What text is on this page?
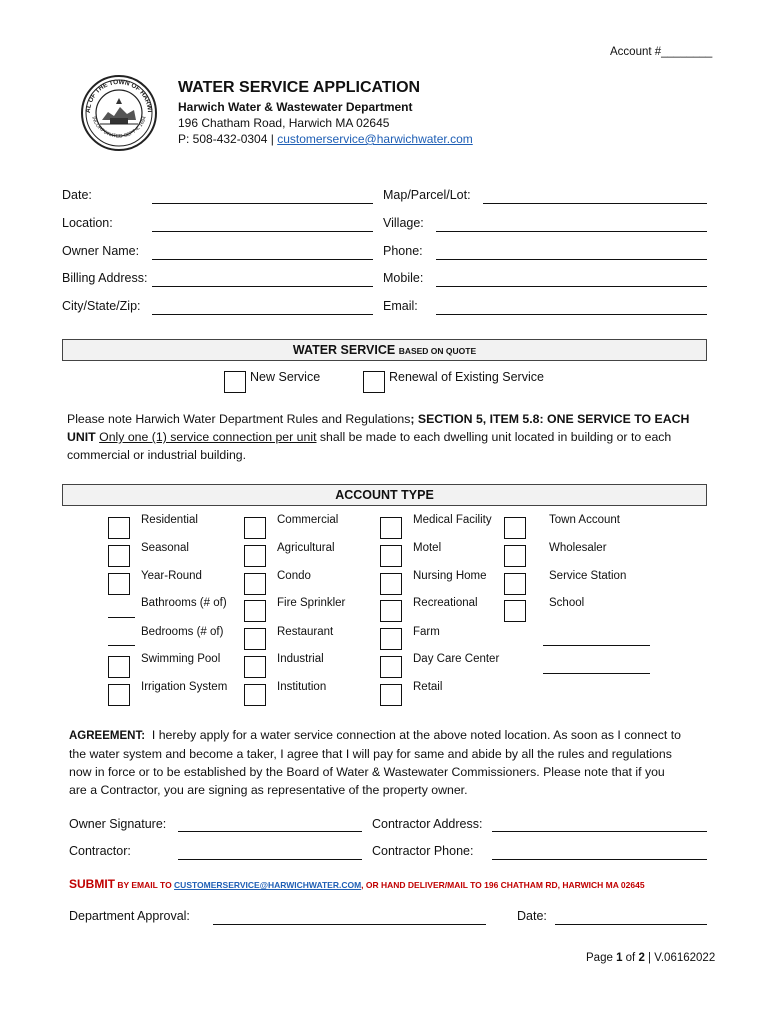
Account #________
AL OF THE TOWN OF HARWI
INCORPORATED SEPT 4, 1694
WATER SERVICE APPLICATION
Harwich Water & Wastewater Department
196 Chatham Road, Harwich MA 02645
P: 508-432-0304 | customerservice@harwichwater.com
Date:
Location:
Owner Name:
Billing Address:
City/State/Zip:
Map/Parcel/Lot:
Village:
Phone:
Mobile:
Email:
WATER SERVICE BASED ON QUOTE
New Service	Renewal of Existing Service
Please note Harwich Water Department Rules and Regulations; SECTION 5, ITEM 5.8: ONE SERVICE TO EACH
UNIT Only one (1) service connection per unit shall be made to each dwelling unit located in building or to each
commercial or industrial building.
ACCOUNT TYPE
Residential
Seasonal
Year-Round
Bathrooms (# of)
Bedrooms (# of)
Swimming Pool
Irrigation System
Commercial
Agricultural
Condo
Fire Sprinkler
Restaurant
Industrial
Institution
Medical Facility
Motel
Nursing Home
Recreational
Farm
Day Care Center
Retail
Town Account
Wholesaler
Service Station
School
AGREEMENT: I hereby apply for a water service connection at the above noted location. As soon as I connect to
the water system and become a taker, I agree that I will pay for same and abide by all the rules and regulations
now in force or to be established by the Board of Water & Wastewater Commissioners. Please note that if you
are a Contractor, you are signing as representative of the property owner.
Owner Signature:
Contractor:
Contractor Address:
Contractor Phone:
SUBMIT BY EMAIL TO CUSTOMERSERVICE@HARWICHWATER.COM, OR HAND DELIVER/MAIL TO 196 CHATHAM RD, HARWICH MA 02645
Department Approval:	Date:
Page 1 of 2 | V.06162022
